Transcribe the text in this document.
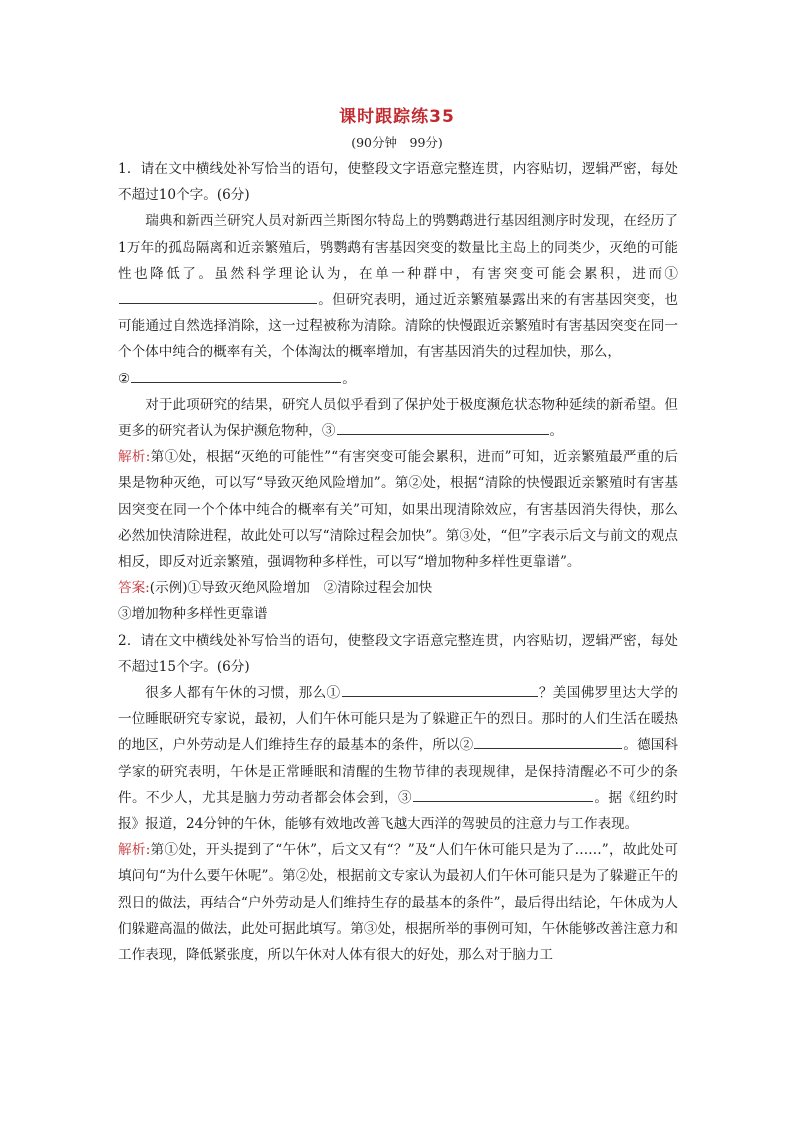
课时跟踪练35
(90分钟　99分)

1．请在文中横线处补写恰当的语句，使整段文字语意完整连贯，内容贴切，逻辑严密，每处不超过10个字。(6分)

瑞典和新西兰研究人员对新西兰斯图尔特岛上的鸮鹦鹉进行基因组测序时发现，在经历了1万年的孤岛隔离和近亲繁殖后，鸮鹦鹉有害基因突变的数量比主岛上的同类少，灭绝的可能性也降低了。虽然科学理论认为，在单一种群中，有害突变可能会累积，进而①。但研究表明，通过近亲繁殖暴露出来的有害基因突变，也可能通过自然选择消除，这一过程被称为清除。清除的快慢跟近亲繁殖时有害基因突变在同一个个体中纯合的概率有关，个体淘汰的概率增加，有害基因消失的过程加快，那么，
②	。

对于此项研究的结果，研究人员似乎看到了保护处于极度濒危状态物种延续的新希望。但更多的研究者认为保护濒危物种，③	。

解析:第①处，根据“灭绝的可能性”“有害突变可能会累积，进而”可知，近亲繁殖最严重的后果是物种灭绝，可以写“导致灭绝风险增加”。第②处，根据“清除的快慢跟近亲繁殖时有害基因突变在同一个个体中纯合的概率有关”可知，如果出现清除效应，有害基因消失得快，那么必然加快清除进程，故此处可以写“清除过程会加快”。第③处，“但”字表示后文与前文的观点相反，即反对近亲繁殖，强调物种多样性，可以写“增加物种多样性更靠谱”。

答案:(示例)①导致灭绝风险增加　②清除过程会加快

③增加物种多样性更靠谱

2．请在文中横线处补写恰当的语句，使整段文字语意完整连贯，内容贴切，逻辑严密，每处不超过15个字。(6分)

很多人都有午休的习惯，那么①	？美国佛罗里达大学的一位睡眠研究专家说，最初，人们午休可能只是为了躲避正午的烈日。那时的人们生活在暖热的地区，户外劳动是人们维持生存的最基本的条件，所以②	。德国科学家的研究表明，午休是正常睡眠和清醒的生物节律的表现规律，是保持清醒必不可少的条件。不少人，尤其是脑力劳动者都会体会到，③	。据《纽约时报》报道，24分钟的午休，能够有效地改善飞越大西洋的驾驶员的注意力与工作表现。

解析:第①处，开头提到了“午休”，后文又有“？”及“人们午休可能只是为了……”，故此处可填问句“为什么要午休呢”。第②处，根据前文专家认为最初人们午休可能只是为了躲避正午的烈日的做法，再结合“户外劳动是人们维持生存的最基本的条件”，最后得出结论，午休成为人们躲避高温的做法，此处可据此填写。第③处，根据所举的事例可知，午休能够改善注意力和工作表现，降低紧张度，所以午休对人体有很大的好处，那么对于脑力工
